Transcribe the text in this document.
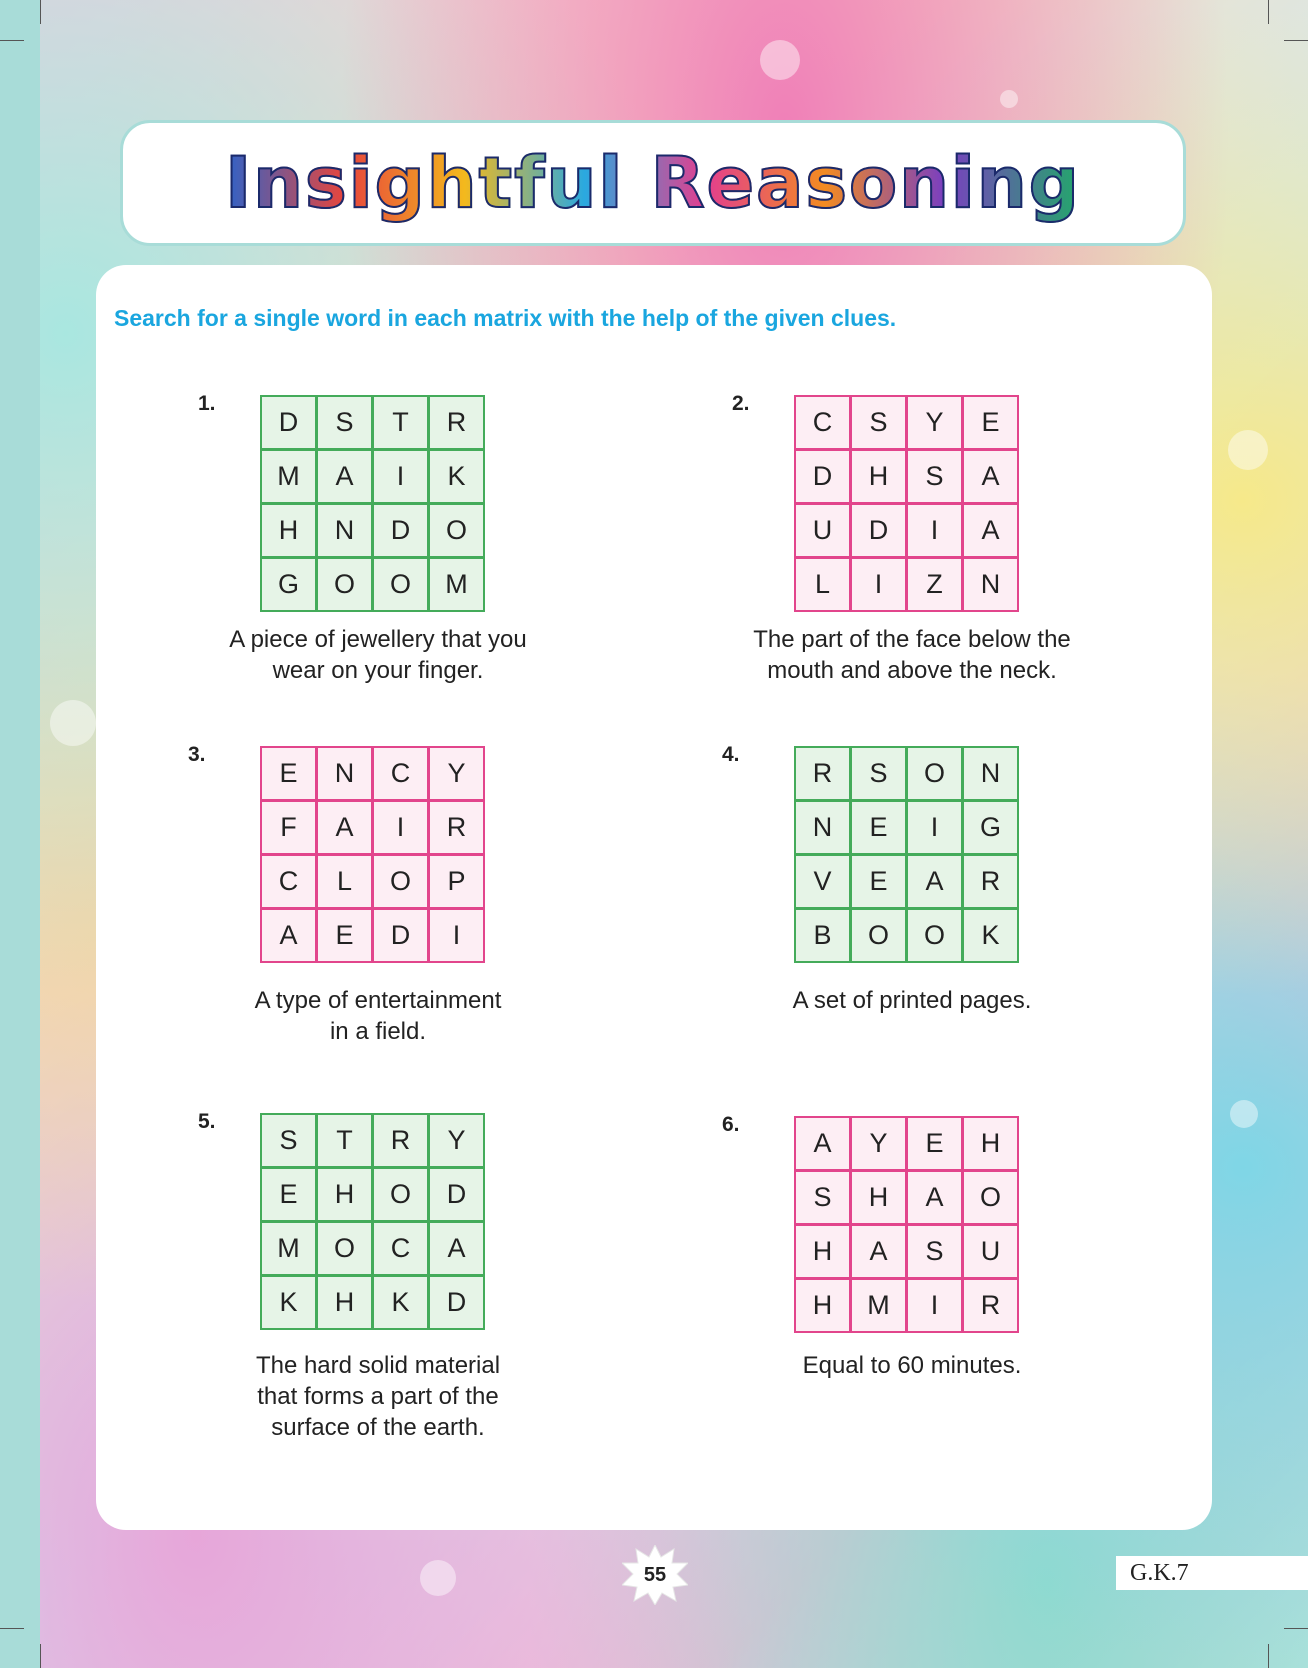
Insightful Reasoning
Search for a single word in each matrix with the help of the given clues.
1.
D	S	T	R
M	A	I	K
H	N	D	O
G	O	O	M
A piece of jewellery that you
wear on your finger.
2.
C	S	Y	E
D	H	S	A
U	D	I	A
L	I	Z	N
The part of the face below the
mouth and above the neck.
3.
E	N	C	Y
F	A	I	R
C	L	O	P
A	E	D	I
A type of entertainment
in a field.
4.
R	S	O	N
N	E	I	G
V	E	A	R
B	O	O	K
A set of printed pages.
5.
S	T	R	Y
E	H	O	D
M	O	C	A
K	H	K	D
The hard solid material
that forms a part of the
surface of the earth.
6.
A	Y	E	H
S	H	A	O
H	A	S	U
H	M	I	R
Equal to 60 minutes.
55	G.K.7
